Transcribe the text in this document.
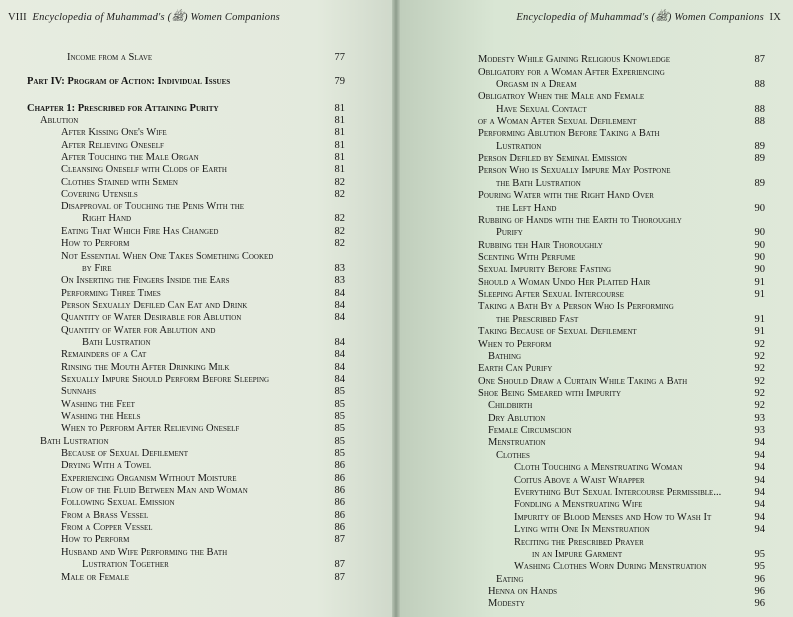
VIII Encyclopedia of Muhammad's (ﷺ) Women Companions
Income from a Slave	77
Part IV: Program of Action: Individual Issues	79
Chapter 1: Prescribed for Attaining Purity	81
Ablution	81
After Kissing One's Wife	81
After Relieving Oneself	81
After Touching the Male Organ	81
Cleansing Oneself with Clods of Earth	81
Clothes Stained with Semen	82
Covering Utensils	82
Disapproval of Touching the Penis With the
Right Hand	82
Eating That Which Fire Has Changed	82
How to Perform	82
Not Essential When One Takes Something Cooked
by Fire	83
On Inserting the Fingers Inside the Ears	83
Performing Three Times	84
Person Sexually Defiled Can Eat and Drink	84
Quantity of Water Desirable for Ablution	84
Quantity of Water for Ablution and
Bath Lustration	84
Remainders of a Cat	84
Rinsing the Mouth After Drinking Milk	84
Sexually Impure Should Perform Before Sleeping	84
Sunnahs	85
Washing the Feet	85
Washing the Heels	85
When to Perform After Relieving Oneself	85
Bath Lustration	85
Because of Sexual Defilement	85
Drying With a Towel	86
Experiencing Organism Without Moisture	86
Flow of the Fluid Between Man and Woman	86
Following Sexual Emission	86
From a Brass Vessel	86
From a Copper Vessel	86
How to Perform	87
Husband and Wife Performing the Bath
Lustration Together	87
Male or Female	87
Encyclopedia of Muhammad's (ﷺ) Women Companions IX
Modesty While Gaining Religious Knowledge	87
Obligatory for a Woman After Experiencing
Orgasm in a Dream	88
Obligatroy When the Male and Female
Have Sexual Contact	88
of a Woman After Sexual Defilement	88
Performing Ablution Before Taking a Bath
Lustration	89
Person Defiled by Seminal Emission	89
Person Who is Sexually Impure May Postpone
the Bath Lustration	89
Pouring Water with the Right Hand Over
the Left Hand	90
Rubbing of Hands with the Earth to Thoroughly
Purify	90
Rubbing teh Hair Thoroughly	90
Scenting With Perfume	90
Sexual Impurity Before Fasting	90
Should a Woman Undo Her Plaited Hair	91
Sleeping After Sexual Intercourse	91
Taking a Bath By a Person Who Is Performing
the Prescribed Fast	91
Taking Because of Sexual Defilement	91
When to Perform	92
Bathing	92
Earth Can Purify	92
One Should Draw a Curtain While Taking a Bath	92
Shoe Being Smeared with Impurity	92
Childbirth	92
Dry Ablution	93
Female Circumscion	93
Menstruation	94
Clothes	94
Cloth Touching a Menstruating Woman	94
Coitus Above a Waist Wrapper	94
Everything But Sexual Intercourse Permissible...	94
Fondling a Menstruating Wife	94
Impurity of Blood Menses and How to Wash It	94
Lying with One In Menstruation	94
Reciting the Prescribed Prayer
in an Impure Garment	95
Washing Clothes Worn During Menstruation	95
Eating	96
Henna on Hands	96
Modesty	96
